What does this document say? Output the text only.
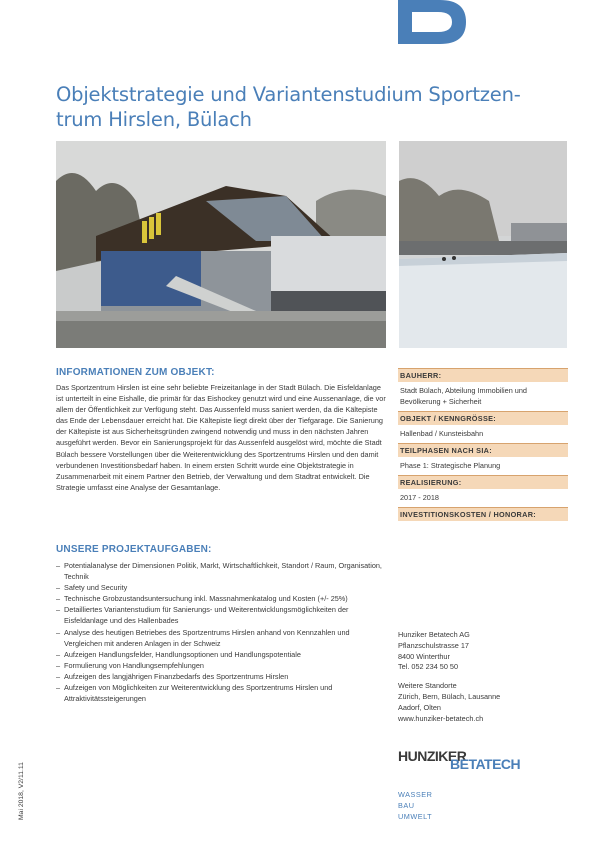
Objektstrategie und Variantenstudium Sportzen-
trum Hirslen, Bülach
INFORMATIONEN ZUM OBJEKT:
Das Sportzentrum Hirslen ist eine sehr beliebte Freizeitanlage in der Stadt Bülach. Die Eisfeldanlage ist unterteilt in eine Eishalle, die primär für das Eishockey genutzt wird und eine Aussenanlage, die vor allem der Öffentlichkeit zur Verfügung steht. Das Aussenfeld muss saniert werden, da die Kältepiste das Ende der Lebensdauer erreicht hat. Die Kältepiste liegt direkt über der Tiefgarage. Die Sanierung der Kältepiste ist aus Sicherheitsgründen zwingend notwendig und muss in den nächsten Jahren ausgeführt werden. Bevor ein Sanierungsprojekt für das Aussenfeld ausgelöst wird, möchte die Stadt Bülach bessere Vorstellungen über die Weiterentwicklung des Sportzentrums Hirslen und den damit verbundenen Investitionsbedarf haben. In einem ersten Schritt wurde eine Objektstrategie in Zusammenarbeit mit einem Partner den Betrieb, der Verwaltung und dem Stadtrat entwickelt. Die Strategie umfasst eine Analyse der Gesamtanlage.
UNSERE PROJEKTAUFGABEN:
– Potentialanalyse der Dimensionen Politik, Markt, Wirtschaftlichkeit, Standort / Raum, Organisation, Technik
– Safety und Security
– Technische Grobzustandsuntersuchung inkl. Massnahmenkatalog und Kosten (+/- 25%)
– Detailliertes Variantenstudium für Sanierungs- und Weiterentwicklungsmöglichkeiten der Eisfeldanlage und des Hallenbades
– Analyse des heutigen Betriebes des Sportzentrums Hirslen anhand von Kennzahlen und Vergleichen mit anderen Anlagen in der Schweiz
– Aufzeigen Handlungsfelder, Handlungsoptionen und Handlungspotentiale
– Formulierung von Handlungsempfehlungen
– Aufzeigen des langjährigen Finanzbedarfs des Sportzentrums Hirslen
– Aufzeigen von Möglichkeiten zur Weiterentwicklung des Sportzentrums Hirslen und Attraktivitätssteigerungen
BAUHERR:
Stadt Bülach, Abteilung Immobilien und Bevölkerung + Sicherheit
OBJEKT / KENNGRÖSSE:
Hallenbad / Kunsteisbahn
TEILPHASEN NACH SIA:
Phase 1: Strategische Planung
REALISIERUNG:
2017 - 2018
INVESTITIONSKOSTEN / HONORAR:
Hunziker Betatech AG
Pflanzschulstrasse 17
8400 Winterthur
Tel. 052 234 50 50
Weitere Standorte
Zürich, Bern, Bülach, Lausanne
Aadorf, Olten
www.hunziker-betatech.ch
HUNZIKER
BETATECH
WASSER
BAU
UMWELT
Mai 2018, V2/11.11
